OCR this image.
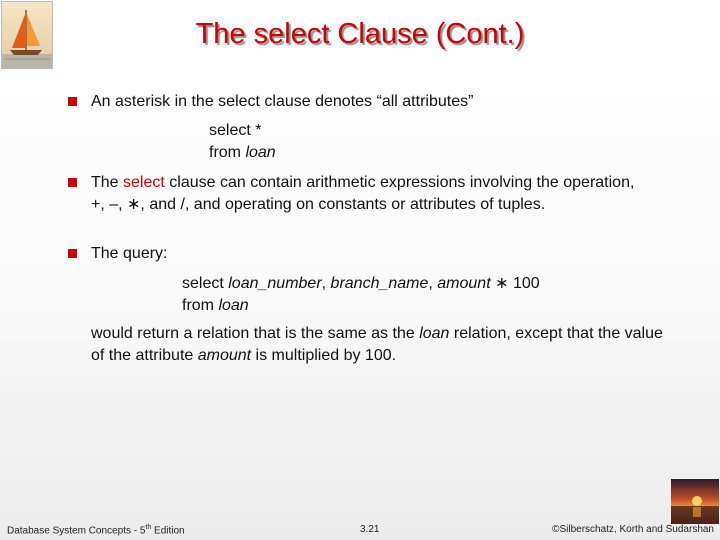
The select Clause (Cont.)
An asterisk in the select clause denotes “all attributes”
select *
from loan
The select clause can contain arithmetic expressions involving the operation, +, –, ∗, and /, and operating on constants or attributes of tuples.
The query:
select loan_number, branch_name, amount ∗ 100
from loan
would return a relation that is the same as the loan relation, except that the value of the attribute amount is multiplied by 100.
Database System Concepts - 5th Edition	3.21	©Silberschatz, Korth and Sudarshan
